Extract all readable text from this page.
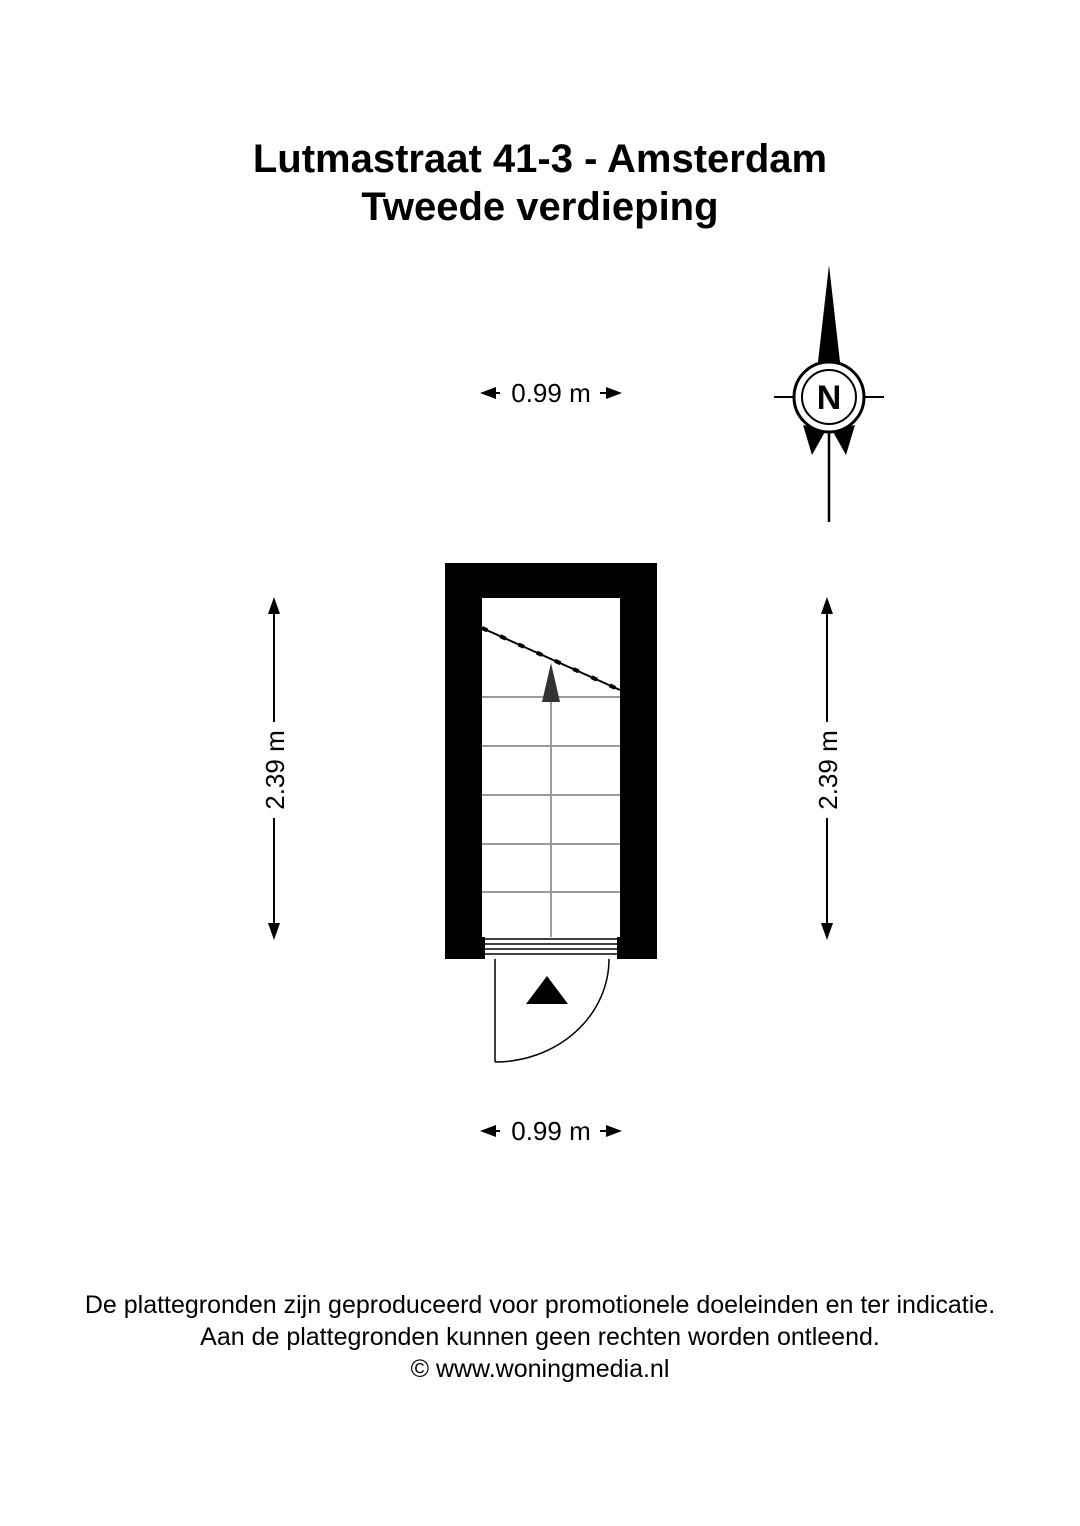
Lutmastraat 41-3 - Amsterdam
Tweede verdieping
0.99 m	N
2.39 m	2.39 m
0.99 m

De plattegronden zijn geproduceerd voor promotionele doeleinden en ter indicatie.

Aan de plattegronden kunnen geen rechten worden ontleend.

© www.woningmedia.nl
